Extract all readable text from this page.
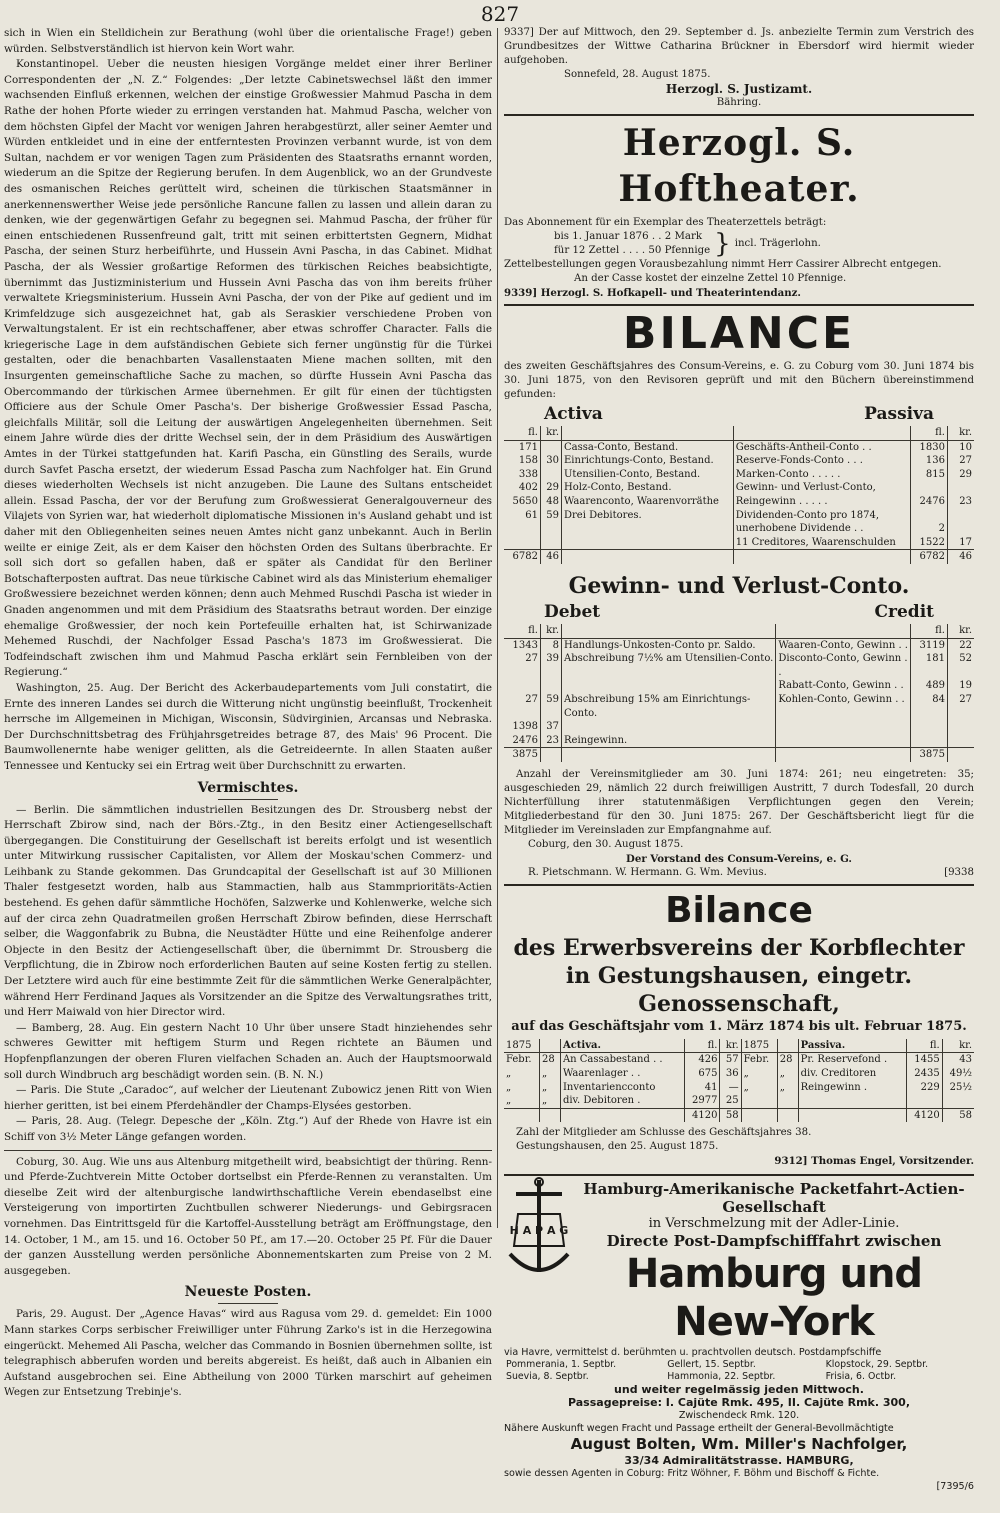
827

sich in Wien ein Stelldichein zur Berathung (wohl über die orientalische Frage!) geben würden. Selbstverständlich ist hiervon kein Wort wahr.

Konstantinopel. Ueber die neusten hiesigen Vorgänge meldet einer ihrer Berliner Correspondenten der „N. Z.“ Folgendes: „Der letzte Cabinetswechsel läßt den immer wachsenden Einfluß erkennen, welchen der einstige Großwessier Mahmud Pascha in dem Rathe der hohen Pforte wieder zu erringen verstanden hat. Mahmud Pascha, welcher von dem höchsten Gipfel der Macht vor wenigen Jahren herabgestürzt, aller seiner Aemter und Würden entkleidet und in eine der entferntesten Provinzen verbannt wurde, ist von dem Sultan, nachdem er vor wenigen Tagen zum Präsidenten des Staatsraths ernannt worden, wiederum an die Spitze der Regierung berufen. In dem Augenblick, wo an der Grundveste des osmanischen Reiches gerüttelt wird, scheinen die türkischen Staatsmänner in anerkennenswerther Weise jede persönliche Rancune fallen zu lassen und allein daran zu denken, wie der gegenwärtigen Gefahr zu begegnen sei. Mahmud Pascha, der früher für einen entschiedenen Russenfreund galt, tritt mit seinen erbittertsten Gegnern, Midhat Pascha, der seinen Sturz herbeiführte, und Hussein Avni Pascha, in das Cabinet. Midhat Pascha, der als Wessier großartige Reformen des türkischen Reiches beabsichtigte, übernimmt das Justizministerium und Hussein Avni Pascha das von ihm bereits früher verwaltete Kriegsministerium. Hussein Avni Pascha, der von der Pike auf gedient und im Krimfeldzuge sich ausgezeichnet hat, gab als Seraskier verschiedene Proben von Verwaltungstalent. Er ist ein rechtschaffener, aber etwas schroffer Character. Falls die kriegerische Lage in dem aufständischen Gebiete sich ferner ungünstig für die Türkei gestalten, oder die benachbarten Vasallenstaaten Miene machen sollten, mit den Insurgenten gemeinschaftliche Sache zu machen, so dürfte Hussein Avni Pascha das Obercommando der türkischen Armee übernehmen. Er gilt für einen der tüchtigsten Officiere aus der Schule Omer Pascha's. Der bisherige Großwessier Essad Pascha, gleichfalls Militär, soll die Leitung der auswärtigen Angelegenheiten übernehmen. Seit einem Jahre würde dies der dritte Wechsel sein, der in dem Präsidium des Auswärtigen Amtes in der Türkei stattgefunden hat. Karifi Pascha, ein Günstling des Serails, wurde durch Savfet Pascha ersetzt, der wiederum Essad Pascha zum Nachfolger hat. Ein Grund dieses wiederholten Wechsels ist nicht anzugeben. Die Laune des Sultans entscheidet allein. Essad Pascha, der vor der Berufung zum Großwessierat Generalgouverneur des Vilajets von Syrien war, hat wiederholt diplomatische Missionen in's Ausland gehabt und ist daher mit den Obliegenheiten seines neuen Amtes nicht ganz unbekannt. Auch in Berlin weilte er einige Zeit, als er dem Kaiser den höchsten Orden des Sultans überbrachte. Er soll sich dort so gefallen haben, daß er später als Candidat für den Berliner Botschafterposten auftrat. Das neue türkische Cabinet wird als das Ministerium ehemaliger Großwessiere bezeichnet werden können; denn auch Mehmed Ruschdi Pascha ist wieder in Gnaden angenommen und mit dem Präsidium des Staatsraths betraut worden. Der einzige ehemalige Großwessier, der noch kein Portefeuille erhalten hat, ist Schirwanizade Mehemed Ruschdi, der Nachfolger Essad Pascha's 1873 im Großwessierat. Die Todfeindschaft zwischen ihm und Mahmud Pascha erklärt sein Fernbleiben von der Regierung.“

Washington, 25. Aug. Der Bericht des Ackerbaudepartements vom Juli constatirt, die Ernte des inneren Landes sei durch die Witterung nicht ungünstig beeinflußt, Trockenheit herrsche im Allgemeinen in Michigan, Wisconsin, Südvirginien, Arcansas und Nebraska. Der Durchschnittsbetrag des Frühjahrsgetreides betrage 87, des Mais' 96 Procent. Die Baumwollenernte habe weniger gelitten, als die Getreideernte. In allen Staaten außer Tennessee und Kentucky sei ein Ertrag weit über Durchschnitt zu erwarten.

Vermischtes.

— Berlin. Die sämmtlichen industriellen Besitzungen des Dr. Strousberg nebst der Herrschaft Zbirow sind, nach der Börs.-Ztg., in den Besitz einer Actiengesellschaft übergegangen. Die Constituirung der Gesellschaft ist bereits erfolgt und ist wesentlich unter Mitwirkung russischer Capitalisten, vor Allem der Moskau'schen Commerz- und Leihbank zu Stande gekommen. Das Grundcapital der Gesellschaft ist auf 30 Millionen Thaler festgesetzt worden, halb aus Stammactien, halb aus Stammprioritäts-Actien bestehend. Es gehen dafür sämmtliche Hochöfen, Salzwerke und Kohlenwerke, welche sich auf der circa zehn Quadratmeilen großen Herrschaft Zbirow befinden, diese Herrschaft selber, die Waggonfabrik zu Bubna, die Neustädter Hütte und eine Reihenfolge anderer Objecte in den Besitz der Actiengesellschaft über, die übernimmt Dr. Strousberg die Verpflichtung, die in Zbirow noch erforderlichen Bauten auf seine Kosten fertig zu stellen. Der Letztere wird auch für eine bestimmte Zeit für die sämmtlichen Werke Generalpächter, während Herr Ferdinand Jaques als Vorsitzender an die Spitze des Verwaltungsrathes tritt, und Herr Maiwald von hier Director wird.

— Bamberg, 28. Aug. Ein gestern Nacht 10 Uhr über unsere Stadt hinziehendes sehr schweres Gewitter mit heftigem Sturm und Regen richtete an Bäumen und Hopfenpflanzungen der oberen Fluren vielfachen Schaden an. Auch der Hauptsmoorwald soll durch Windbruch arg beschädigt worden sein. (B. N. N.)

— Paris. Die Stute „Caradoc“, auf welcher der Lieutenant Zubowicz jenen Ritt von Wien hierher geritten, ist bei einem Pferdehändler der Champs-Elysées gestorben.

— Paris, 28. Aug. (Telegr. Depesche der „Köln. Ztg.“) Auf der Rhede von Havre ist ein Schiff von 3½ Meter Länge gefangen worden.

Coburg, 30. Aug. Wie uns aus Altenburg mitgetheilt wird, beabsichtigt der thüring. Renn- und Pferde-Zuchtverein Mitte October dortselbst ein Pferde-Rennen zu veranstalten. Um dieselbe Zeit wird der altenburgische landwirthschaftliche Verein ebendaselbst eine Versteigerung von importirten Zuchtbullen schwerer Niederungs- und Gebirgsracen vornehmen. Das Eintrittsgeld für die Kartoffel-Ausstellung beträgt am Eröffnungstage, den 14. October, 1 M., am 15. und 16. October 50 Pf., am 17.—20. October 25 Pf. Für die Dauer der ganzen Ausstellung werden persönliche Abonnementskarten zum Preise von 2 M. ausgegeben.

Neueste Posten.

Paris, 29. August. Der „Agence Havas“ wird aus Ragusa vom 29. d. gemeldet: Ein 1000 Mann starkes Corps serbischer Freiwilliger unter Führung Zarko's ist in die Herzegowina eingerückt. Mehemed Ali Pascha, welcher das Commando in Bosnien übernehmen sollte, ist telegraphisch abberufen worden und bereits abgereist. Es heißt, daß auch in Albanien ein Aufstand ausgebrochen sei. Eine Abtheilung von 2000 Türken marschirt auf geheimen Wegen zur Entsetzung Trebinje's.

9337] Der auf Mittwoch, den 29. September d. Js. anbezielte Termin zum Verstrich des Grundbesitzes der Wittwe Catharina Brückner in Ebersdorf wird hiermit wieder aufgehoben.

Sonnefeld, 28. August 1875.

Herzogl. S. Justizamt.

Bähring.

Herzogl. S. Hoftheater.

Das Abonnement für ein Exemplar des Theaterzettels beträgt:

bis 1. Januar 1876 . . 2 Mark

für 12 Zettel . . . . 50 Pfennige } incl. Trägerlohn.

Zettelbestellungen gegen Vorausbezahlung nimmt Herr Cassirer Albrecht entgegen.

An der Casse kostet der einzelne Zettel 10 Pfennige.

9339] Herzogl. S. Hofkapell- und Theaterintendanz.

BILANCE

des zweiten Geschäftsjahres des Consum-Vereins, e. G. zu Coburg vom 30. Juni 1874 bis 30. Juni 1875, von den Revisoren geprüft und mit den Büchern übereinstimmend gefunden:

Activa	Passiva
fl.	kr.			fl.	kr.
171		Cassa-Conto, Bestand.	Geschäfts-Antheil-Conto . .	1830	10
158	30	Einrichtungs-Conto, Bestand.	Reserve-Fonds-Conto . . .	136	27
338		Utensilien-Conto, Bestand.	Marken-Conto . . . . .	815	29
402	29	Holz-Conto, Bestand.	Gewinn- und Verlust-Conto,		
5650	48	Waarenconto, Waarenvorräthe	Reingewinn . . . . .	2476	23
61	59	Drei Debitores.	Dividenden-Conto pro 1874,		
			unerhobene Dividende . .	2	
			11 Creditores, Waarenschulden	1522	17
6782	46			6782	46
Gewinn- und Verlust-Conto.
Debet	Credit
fl.	kr.			fl.	kr.
1343	8	Handlungs-Unkosten-Conto pr. Saldo.	Waaren-Conto, Gewinn . .	3119	22
27	39	Abschreibung 7½% am Utensilien-Conto.	Disconto-Conto, Gewinn . .	181	52
			Rabatt-Conto, Gewinn . .	489	19
27	59	Abschreibung 15% am Einrichtungs-Conto.	Kohlen-Conto, Gewinn . .	84	27
1398	37				
2476	23	Reingewinn.			
3875				3875	

Anzahl der Vereinsmitglieder am 30. Juni 1874: 261; neu eingetreten: 35; ausgeschieden 29, nämlich 22 durch freiwilligen Austritt, 7 durch Todesfall, 20 durch Nichterfüllung ihrer statutenmäßigen Verpflichtungen gegen den Verein; Mitgliederbestand für den 30. Juni 1875: 267. Der Geschäftsbericht liegt für die Mitglieder im Vereinsladen zur Empfangnahme auf.

Coburg, den 30. August 1875.

Der Vorstand des Consum-Vereins, e. G.

R. Pietschmann. W. Hermann. G. Wm. Mevius.	[9338

Bilance
des Erwerbsvereins der Korbflechter in Gestungshausen, eingetr. Genossenschaft,
auf das Geschäftsjahr vom 1. März 1874 bis ult. Februar 1875.
1875		Activa.	fl.	kr.	1875		Passiva.	fl.	kr.
Febr.	28	An Cassabestand . .	426	57	Febr.	28	Pr. Reservefond .	1455	43
„	„	Waarenlager . .	675	36	„	„	div. Creditoren	2435	49½
„	„	Inventariencconto	41	—	„	„	Reingewinn .	229	25½
„	„	div. Debitoren .	2977	25					
			4120	58				4120	58

Zahl der Mitglieder am Schlusse des Geschäftsjahres 38.

Gestungshausen, den 25. August 1875.

9312] Thomas Engel, Vorsitzender.

H A P A G
Hamburg-Amerikanische Packetfahrt-Actien-Gesellschaft
in Verschmelzung mit der Adler-Linie.
Directe Post-Dampfschifffahrt zwischen
Hamburg und New-York

via Havre, vermittelst d. berühmten u. prachtvollen deutsch. Postdampfschiffe

Pommerania, 1. Septbr.	Gellert, 15. Septbr.	Klopstock, 29. Septbr.
Suevia, 8. Septbr.	Hammonia, 22. Septbr.	Frisia, 6. Octbr.

und weiter regelmässig jeden Mittwoch.

Passagepreise: I. Cajüte Rmk. 495, II. Cajüte Rmk. 300,

Zwischendeck Rmk. 120.

Nähere Auskunft wegen Fracht und Passage ertheilt der General-Bevollmächtigte

August Bolten, Wm. Miller's Nachfolger,

33/34 Admiralitätstrasse. HAMBURG,

sowie dessen Agenten in Coburg: Fritz Wöhner, F. Böhm und Bischoff & Fichte.

[7395/6
